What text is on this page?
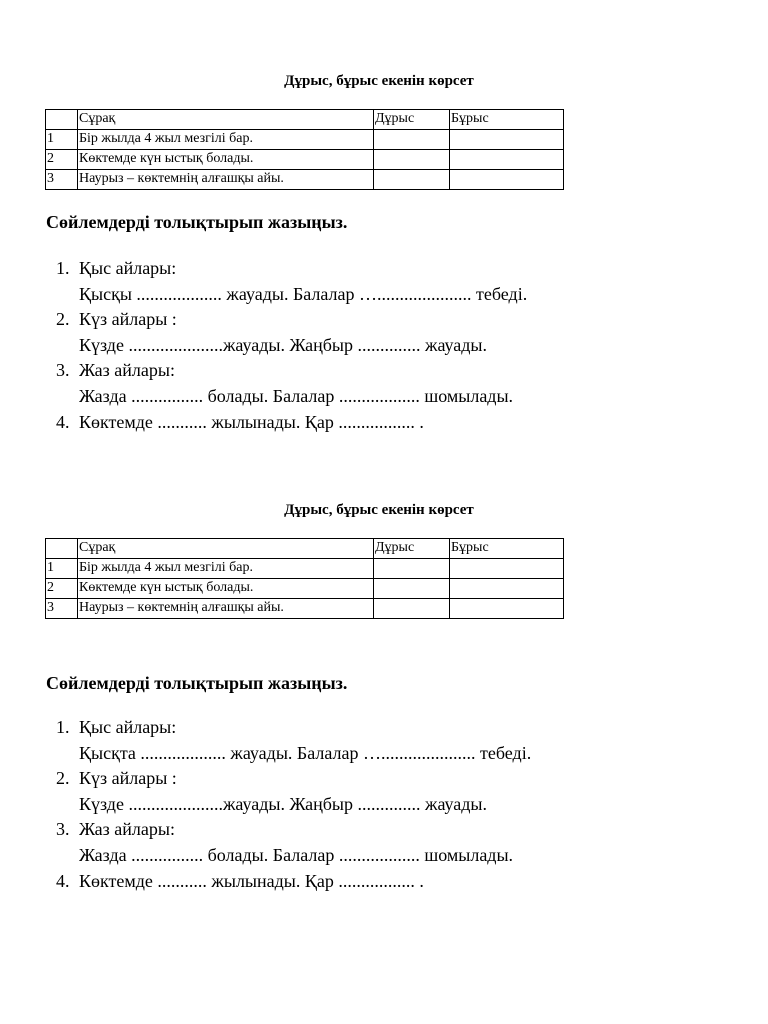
Дұрыс, бұрыс екенін көрсет
	Сұрақ	Дұрыс	Бұрыс
1	Бір жылда 4 жыл мезгілі бар.		
2	Көктемде күн ыстық болады.		
3	Наурыз – көктемнің алғашқы айы.		
Сөйлемдерді толықтырып жазыңыз.
1. Қыс айлары:
Қысқы ................... жауады. Балалар …..................... тебеді.
2. Күз айлары :
Күзде .....................жауады. Жаңбыр .............. жауады.
3. Жаз айлары:
Жазда ................ болады. Балалар .................. шомылады.
4. Көктемде ........... жылынады. Қар ................. .
Дұрыс, бұрыс екенін көрсет
	Сұрақ	Дұрыс	Бұрыс
1	Бір жылда 4 жыл мезгілі бар.		
2	Көктемде күн ыстық болады.		
3	Наурыз – көктемнің алғашқы айы.		
Сөйлемдерді толықтырып жазыңыз.
1. Қыс айлары:
Қысқта ................... жауады. Балалар …..................... тебеді.
2. Күз айлары :
Күзде .....................жауады. Жаңбыр .............. жауады.
3. Жаз айлары:
Жазда ................ болады. Балалар .................. шомылады.
4. Көктемде ........... жылынады. Қар ................. .
